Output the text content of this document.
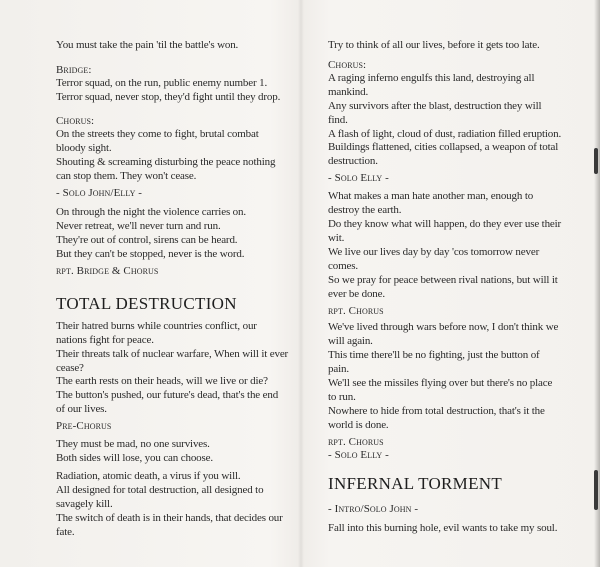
You must take the pain 'til the battle's won.
Bridge:
Terror squad, on the run, public enemy number 1.
Terror squad, never stop, they'd fight until they drop.
Chorus:
On the streets they come to fight, brutal combat
bloody sight.
Shouting & screaming disturbing the peace nothing
can stop them. They won't cease.
- Solo John/Elly -
On through the night the violence carries on.
Never retreat, we'll never turn and run.
They're out of control, sirens can be heard.
But they can't be stopped, never is the word.
rpt. Bridge & Chorus
TOTAL DESTRUCTION
Their hatred burns while countries conflict, our
nations fight for peace.
Their threats talk of nuclear warfare, When will it ever
cease?
The earth rests on their heads, will we live or die?
The button's pushed, our future's dead, that's the end
of our lives.
Pre-Chorus
They must be mad, no one survives.
Both sides will lose, you can choose.
Radiation, atomic death, a virus if you will.
All designed for total destruction, all designed to
savagely kill.
The switch of death is in their hands, that decides our
fate.
Try to think of all our lives, before it gets too late.
Chorus:
A raging inferno engulfs this land, destroying all
mankind.
Any survivors after the blast, destruction they will
find.
A flash of light, cloud of dust, radiation filled eruption.
Buildings flattened, cities collapsed, a weapon of total
destruction.
- Solo Elly -
What makes a man hate another man, enough to
destroy the earth.
Do they know what will happen, do they ever use their
wit.
We live our lives day by day 'cos tomorrow never
comes.
So we pray for peace between rival nations, but will it
ever be done.
rpt. Chorus
We've lived through wars before now, I don't think we
will again.
This time there'll be no fighting, just the button of
pain.
We'll see the missiles flying over but there's no place
to run.
Nowhere to hide from total destruction, that's it the
world is done.
rpt. Chorus
- Solo Elly -
INFERNAL TORMENT
- Intro/Solo John -
Fall into this burning hole, evil wants to take my soul.
